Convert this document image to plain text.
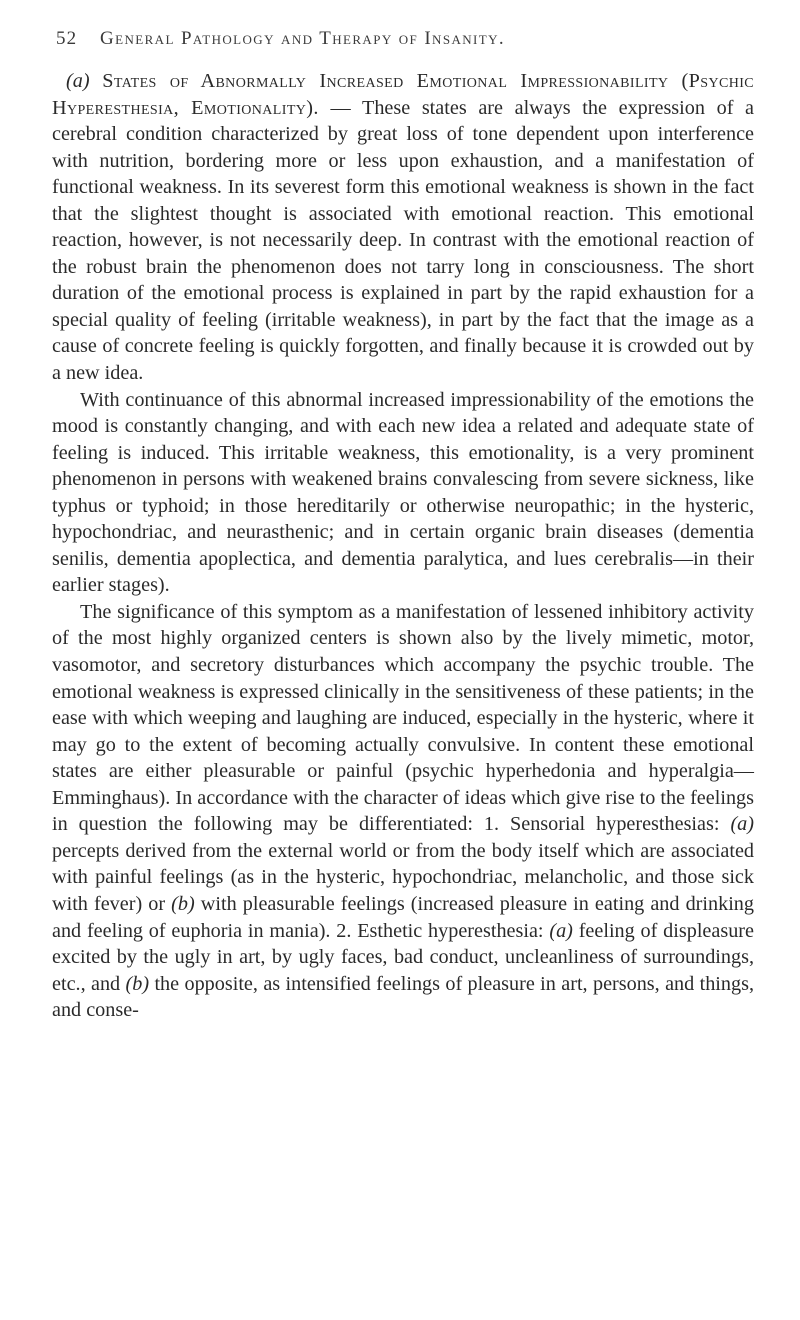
52 General Pathology and Therapy of Insanity.

(a) States of Abnormally Increased Emotional Impressionability (Psychic Hyperesthesia, Emotionality). — These states are always the expression of a cerebral condition characterized by great loss of tone dependent upon interference with nutrition, bordering more or less upon exhaustion, and a manifestation of functional weakness. In its severest form this emotional weakness is shown in the fact that the slightest thought is associated with emotional reaction. This emotional reaction, however, is not necessarily deep. In contrast with the emotional reaction of the robust brain the phenomenon does not tarry long in consciousness. The short duration of the emotional process is explained in part by the rapid exhaustion for a special quality of feeling (irritable weakness), in part by the fact that the image as a cause of concrete feeling is quickly forgotten, and finally because it is crowded out by a new idea.

With continuance of this abnormal increased impressionability of the emotions the mood is constantly changing, and with each new idea a related and adequate state of feeling is induced. This irritable weakness, this emotionality, is a very prominent phenomenon in persons with weakened brains convalescing from severe sickness, like typhus or typhoid; in those hereditarily or otherwise neuropathic; in the hysteric, hypochondriac, and neurasthenic; and in certain organic brain diseases (dementia senilis, dementia apoplectica, and dementia paralytica, and lues cerebralis—in their earlier stages).

The significance of this symptom as a manifestation of lessened inhibitory activity of the most highly organized centers is shown also by the lively mimetic, motor, vasomotor, and secretory disturbances which accompany the psychic trouble. The emotional weakness is expressed clinically in the sensitiveness of these patients; in the ease with which weeping and laughing are induced, especially in the hysteric, where it may go to the extent of becoming actually convulsive. In content these emotional states are either pleasurable or painful (psychic hyperhedonia and hyperalgia—Emminghaus). In accordance with the character of ideas which give rise to the feelings in question the following may be differentiated: 1. Sensorial hyperesthesias: (a) percepts derived from the external world or from the body itself which are associated with painful feelings (as in the hysteric, hypochondriac, melancholic, and those sick with fever) or (b) with pleasurable feelings (increased pleasure in eating and drinking and feeling of euphoria in mania). 2. Esthetic hyperesthesia: (a) feeling of displeasure excited by the ugly in art, by ugly faces, bad conduct, uncleanliness of surroundings, etc., and (b) the opposite, as intensified feelings of pleasure in art, persons, and things, and conse-
